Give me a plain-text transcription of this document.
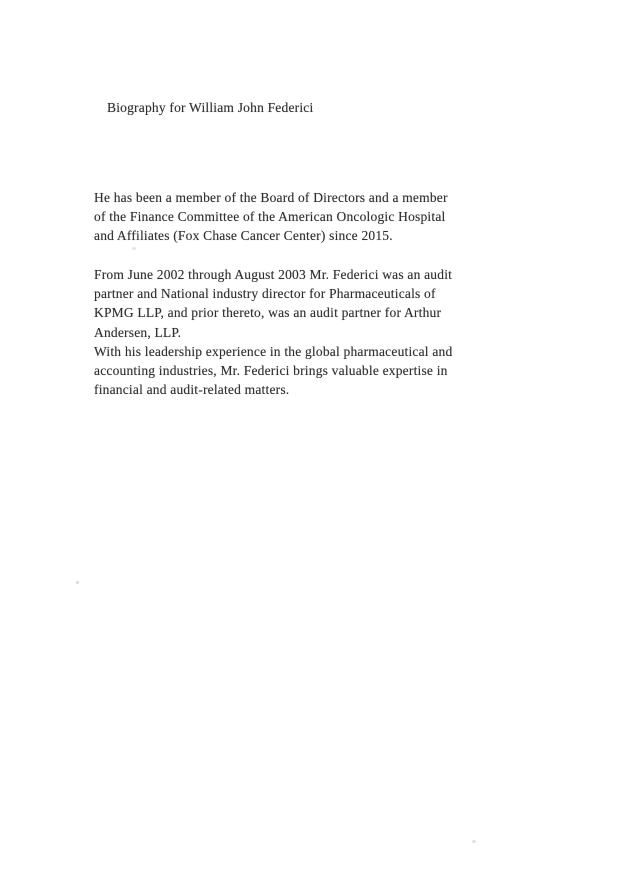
Biography for William John Federici
He has been a member of the Board of Directors and a member
of the Finance Committee of the American Oncologic Hospital
and Affiliates (Fox Chase Cancer Center) since 2015.
From June 2002 through August 2003 Mr. Federici was an audit
partner and National industry director for Pharmaceuticals of
KPMG LLP, and prior thereto, was an audit partner for Arthur
Andersen, LLP.
With his leadership experience in the global pharmaceutical and
accounting industries, Mr. Federici brings valuable expertise in
financial and audit-related matters.
